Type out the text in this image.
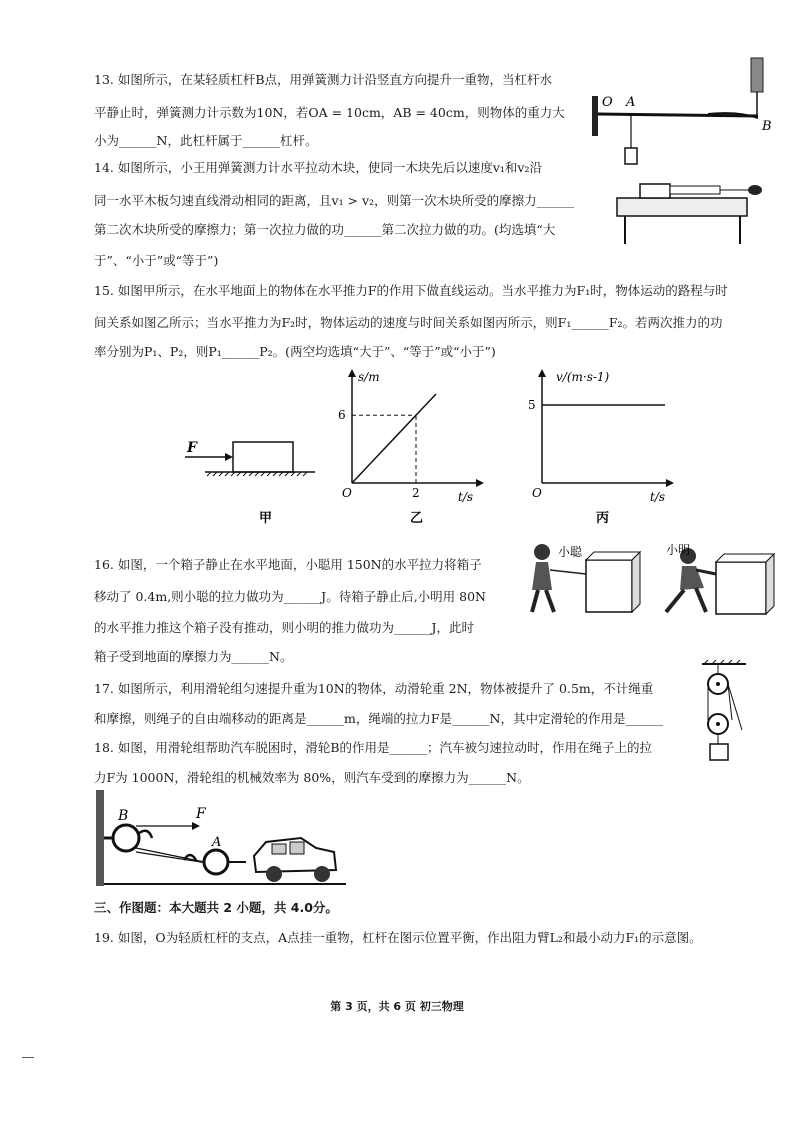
13. 如图所示，在某轻质杠杆B点，用弹簧测力计沿竖直方向提升一重物，当杠杆水
平静止时，弹簧测力计示数为10N，若OA = 10cm，AB = 40cm，则物体的重力大
小为______N，此杠杆属于______杠杆。
14. 如图所示，小王用弹簧测力计水平拉动木块，使同一木块先后以速度v₁和v₂沿
同一水平木板匀速直线滑动相同的距离，且v₁ > v₂，则第一次木块所受的摩擦力______
第二次木块所受的摩擦力；第一次拉力做的功______第二次拉力做的功。(均选填“大
于”、“小于”或“等于”)
15. 如图甲所示，在水平地面上的物体在水平推力F的作用下做直线运动。当水平推力为F₁时，物体运动的路程与时
间关系如图乙所示；当水平推力为F₂时，物体运动的速度与时间关系如图丙所示，则F₁______F₂。若两次推力的功
率分别为P₁、P₂，则P₁______P₂。(两空均选填“大于”、“等于”或“小于”)
16. 如图，一个箱子静止在水平地面，小聪用 150N的水平拉力将箱子
移动了 0.4m,则小聪的拉力做功为______J。待箱子静止后,小明用 80N
的水平推力推这个箱子没有推动，则小明的推力做功为______J，此时
箱子受到地面的摩擦力为______N。
17. 如图所示，利用滑轮组匀速提升重为10N的物体，动滑轮重 2N，物体被提升了 0.5m，不计绳重
和摩擦，则绳子的自由端移动的距离是______m，绳端的拉力F是______N，其中定滑轮的作用是______
18. 如图，用滑轮组帮助汽车脱困时，滑轮B的作用是______；汽车被匀速拉动时，作用在绳子上的拉
力F为 1000N，滑轮组的机械效率为 80%，则汽车受到的摩擦力为______N。
三、作图题：本大题共 2 小题，共 4.0分。
19. 如图，O为轻质杠杆的支点，A点挂一重物，杠杆在图示位置平衡，作出阻力臂L₂和最小动力F₁的示意图。
第 3 页，共 6 页 初三物理
O A
B
F
甲
s/m
t/s
O
6
2
乙
v/(m·s-1)
t/s
O
5
丙
小聪	小明
B	F
A
